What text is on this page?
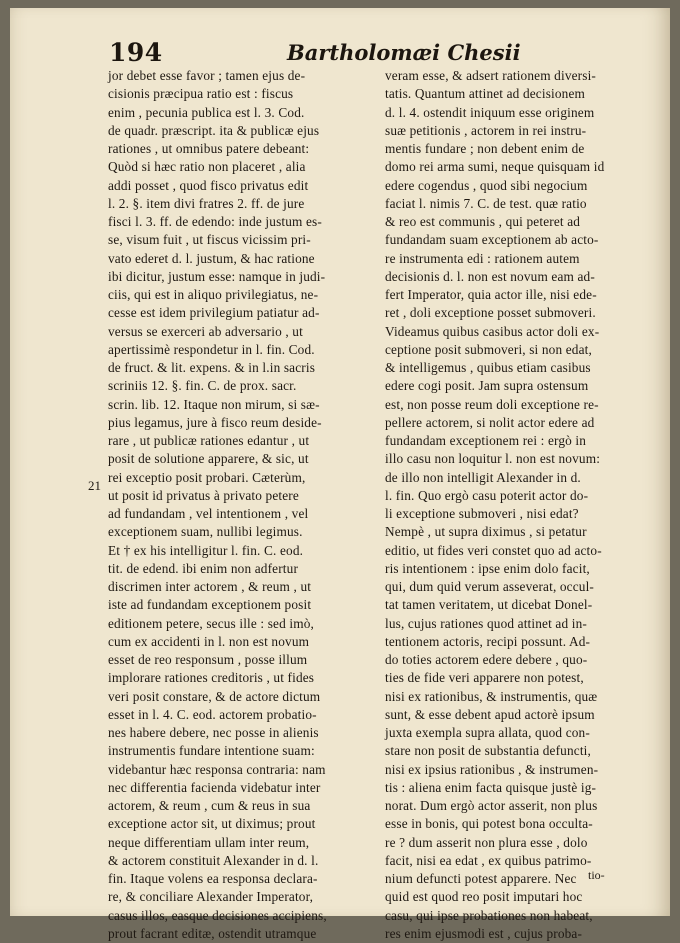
194	Bartholomæi Chesii
jor debet esse favor ; tamen ejus de-
cisionis præcipua ratio est : fiscus
enim , pecunia publica est l. 3. Cod.
de quadr. præscript. ita & publicæ ejus
rationes , ut omnibus patere debeant:
Quòd si hæc ratio non placeret , alia
addi posset , quod fisco privatus edit
l. 2. §. item divi fratres 2. ff. de jure
fisci l. 3. ff. de edendo: inde justum es-
se, visum fuit , ut fiscus vicissim pri-
vato ederet d. l. justum, & hac ratione
ibi dicitur, justum esse: namque in judi-
ciis, qui est in aliquo privilegiatus, ne-
cesse est idem privilegium patiatur ad-
versus se exerceri ab adversario , ut
apertissimè respondetur in l. fin. Cod.
de fruct. & lit. expens. & in l.in sacris
scriniis 12. §. fin. C. de prox. sacr.
scrin. lib. 12. Itaque non mirum, si sæ-
pius legamus, jure à fisco reum deside-
rare , ut publicæ rationes edantur , ut
posit de solutione apparere, & sic, ut
rei exceptio posit probari. Cæterùm,
ut posit id privatus à privato petere
ad fundandam , vel intentionem , vel
exceptionem suam, nullibi legimus.
Et † ex his intelligitur l. fin. C. eod.
tit. de edend. ibi enim non adfertur
discrimen inter actorem , & reum , ut
iste ad fundandam exceptionem posit
editionem petere, secus ille : sed imò,
cum ex accidenti in l. non est novum
esset de reo responsum , posse illum
implorare rationes creditoris , ut fides
veri posit constare, & de actore dictum
esset in l. 4. C. eod. actorem probatio-
nes habere debere, nec posse in alienis
instrumentis fundare intentione suam:
videbantur hæc responsa contraria: nam
nec differentia facienda videbatur inter
actorem, & reum , cum & reus in sua
exceptione actor sit, ut diximus; prout
neque differentiam ullam inter reum,
& actorem constituit Alexander in d. l.
fin. Itaque volens ea responsa declara-
re, & conciliare Alexander Imperator,
casus illos, easque decisiones accipiens,
prout facrant editæ, ostendit utramque
veram esse, & adsert rationem diversi-
tatis. Quantum attinet ad decisionem
d. l. 4. ostendit iniquum esse originem
suæ petitionis , actorem in rei instru-
mentis fundare ; non debent enim de
domo rei arma sumi, neque quisquam id
edere cogendus , quod sibi negocium
faciat l. nimis 7. C. de test. quæ ratio
& reo est communis , qui peteret ad
fundandam suam exceptionem ab acto-
re instrumenta edi : rationem autem
decisionis d. l. non est novum eam ad-
fert Imperator, quia actor ille, nisi ede-
ret , doli exceptione posset submoveri.
Videamus quibus casibus actor doli ex-
ceptione posit submoveri, si non edat,
& intelligemus , quibus etiam casibus
edere cogi posit. Jam supra ostensum
est, non posse reum doli exceptione re-
pellere actorem, si nolit actor edere ad
fundandam exceptionem rei : ergò in
illo casu non loquitur l. non est novum:
de illo non intelligit Alexander in d.
l. fin. Quo ergò casu poterit actor do-
li exceptione submoveri , nisi edat?
Nempè , ut supra diximus , si petatur
editio, ut fides veri constet quo ad acto-
ris intentionem : ipse enim dolo facit,
qui, dum quid verum asseverat, occul-
tat tamen veritatem, ut dicebat Donel-
lus, cujus rationes quod attinet ad in-
tentionem actoris, recipi possunt. Ad-
do toties actorem edere debere , quo-
ties de fide veri apparere non potest,
nisi ex rationibus, & instrumentis, quæ
sunt, & esse debent apud actorè ipsum
juxta exempla supra allata, quod con-
stare non posit de substantia defuncti,
nisi ex ipsius rationibus , & instrumen-
tis : aliena enim facta quisque justè ig-
norat. Dum ergò actor asserit, non plus
esse in bonis, qui potest bona occulta-
re ? dum asserit non plura esse , dolo
facit, nisi ea edat , ex quibus patrimo-
nium defuncti potest apparere. Nec
quid est quod reo posit imputari hoc
casu, qui ipse probationes non habeat,
res enim ejusmodi est , cujus proba-
21
tio-
